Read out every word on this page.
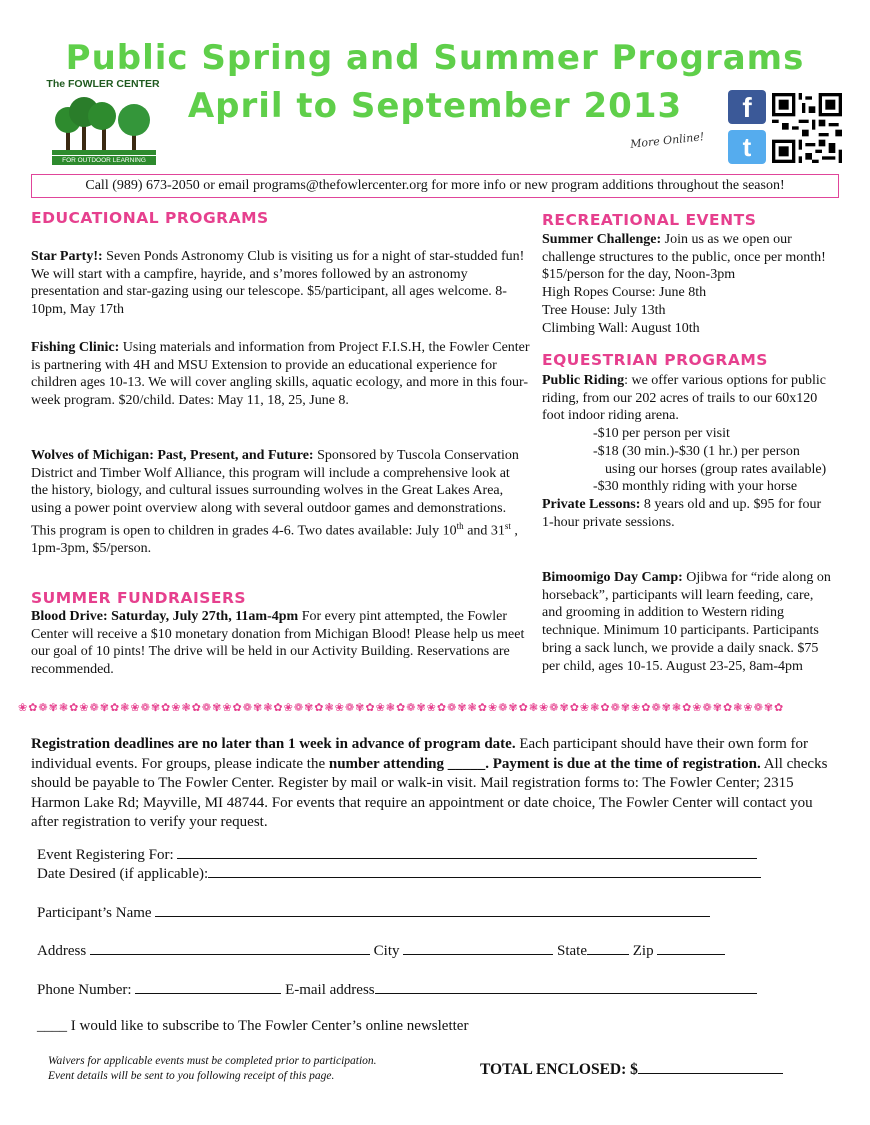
Public Spring and Summer Programs
April to September 2013
The FOWLER CENTER
FOR OUTDOOR LEARNING
More Online!
f
t
Call (989) 673-2050 or email programs@thefowlercenter.org for more info or new program additions throughout the season!
EDUCATIONAL PROGRAMS

Star Party!: Seven Ponds Astronomy Club is visiting us for a night of star-studded fun! We will start with a campfire, hayride, and s’mores followed by an astronomy presentation and star-gazing using our telescope. $5/participant, all ages welcome. 8-10pm, May 17th

Fishing Clinic: Using materials and information from Project F.I.S.H, the Fowler Center is partnering with 4H and MSU Extension to provide an educational experience for children ages 10-13. We will cover angling skills, aquatic ecology, and more in this four-week program. $20/child. Dates: May 11, 18, 25, June 8.

Wolves of Michigan: Past, Present, and Future: Sponsored by Tuscola Conservation District and Timber Wolf Alliance, this program will include a comprehensive look at the history, biology, and cultural issues surrounding wolves in the Great Lakes Area, using a power point overview along with several outdoor games and demonstrations. This program is open to children in grades 4-6. Two dates available: July 10th and 31st , 1pm-3pm, $5/person.

SUMMER FUNDRAISERS

Blood Drive: Saturday, July 27th, 11am-4pm For every pint attempted, the Fowler Center will receive a $10 monetary donation from Michigan Blood! Please help us meet our goal of 10 pints! The drive will be held in our Activity Building. Reservations are recommended.

RECREATIONAL EVENTS

Summer Challenge: Join us as we open our challenge structures to the public, once per month! $15/person for the day, Noon-3pm

High Ropes Course: June 8th

Tree House: July 13th

Climbing Wall: August 10th

EQUESTRIAN PROGRAMS

Public Riding: we offer various options for public riding, from our 202 acres of trails to our 60x120 foot indoor riding arena.

-$10 per person per visit

-$18 (30 min.)-$30 (1 hr.) per person

using our horses (group rates available)

-$30 monthly riding with your horse

Private Lessons: 8 years old and up. $95 for four 1-hour private sessions.

Bimoomigo Day Camp: Ojibwa for “ride along on horseback”, participants will learn feeding, care, and grooming in addition to Western riding technique. Minimum 10 participants. Participants bring a sack lunch, we provide a daily snack. $75 per child, ages 10-15. August 23-25, 8am-4pm

❀✿❁✾❃✿❀❁✾✿❃❀❁✾✿❀❃✿❁✾❀✿❁✾❃✿❀❁✾✿❃❀❁✾✿❀❃✿❁✾❀✿❁✾❃✿❀❁✾✿❃❀❁✾✿❀❃✿❁✾❀✿❁✾❃✿❀❁✾✿❃❀❁✾✿
Registration deadlines are no later than 1 week in advance of program date. Each participant should have their own form for individual events. For groups, please indicate the number attending _____. Payment is due at the time of registration. All checks should be payable to The Fowler Center. Register by mail or walk-in visit. Mail registration forms to: The Fowler Center; 2315 Harmon Lake Rd; Mayville, MI 48744. For events that require an appointment or date choice, The Fowler Center will contact you after registration to verify your request.
Event Registering For:
Date Desired (if applicable):
Participant’s Name
Address	City	State	Zip
Phone Number:	E-mail address
____ I would like to subscribe to The Fowler Center’s online newsletter
Waivers for applicable events must be completed prior to participation.
Event details will be sent to you following receipt of this page.	TOTAL ENCLOSED: $
